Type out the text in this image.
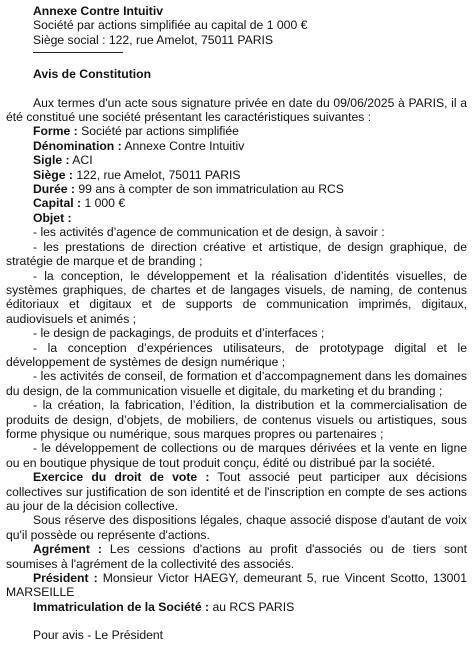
Annexe Contre Intuitiv
Société par actions simplifiée au capital de 1 000 €
Siège social : 122, rue Amelot, 75011 PARIS
Avis de Constitution

Aux termes d'un acte sous signature privée en date du 09/06/2025 à PARIS, il a été constitué une société présentant les caractéristiques suivantes :

Forme : Société par actions simplifiée
Dénomination : Annexe Contre Intuitiv
Sigle : ACI
Siège : 122, rue Amelot, 75011 PARIS
Durée : 99 ans à compter de son immatriculation au RCS
Capital : 1 000 €
Objet :

- les activités d’agence de communication et de design, à savoir :

- les prestations de direction créative et artistique, de design graphique, de stratégie de marque et de branding ;

- la conception, le développement et la réalisation d’identités visuelles, de systèmes graphiques, de chartes et de langages visuels, de naming, de contenus éditoriaux et digitaux et de supports de communication imprimés, digitaux, audiovisuels et animés ;

- le design de packagings, de produits et d’interfaces ;

- la conception d’expériences utilisateurs, de prototypage digital et le développement de systèmes de design numérique ;

- les activités de conseil, de formation et d’accompagnement dans les domaines du design, de la communication visuelle et digitale, du marketing et du branding ;

- la création, la fabrication, l’édition, la distribution et la commercialisation de produits de design, d’objets, de mobiliers, de contenus visuels ou artistiques, sous forme physique ou numérique, sous marques propres ou partenaires ;

- le développement de collections ou de marques dérivées et la vente en ligne ou en boutique physique de tout produit conçu, édité ou distribué par la société.

Exercice du droit de vote : Tout associé peut participer aux décisions collectives sur justification de son identité et de l'inscription en compte de ses actions au jour de la décision collective.

Sous réserve des dispositions légales, chaque associé dispose d'autant de voix qu'il possède ou représente d'actions.

Agrément : Les cessions d'actions au profit d'associés ou de tiers sont soumises à l'agrément de la collectivité des associés.

Président : Monsieur Victor HAEGY, demeurant 5, rue Vincent Scotto, 13001 MARSEILLE

Immatriculation de la Société : au RCS PARIS

Pour avis - Le Président
